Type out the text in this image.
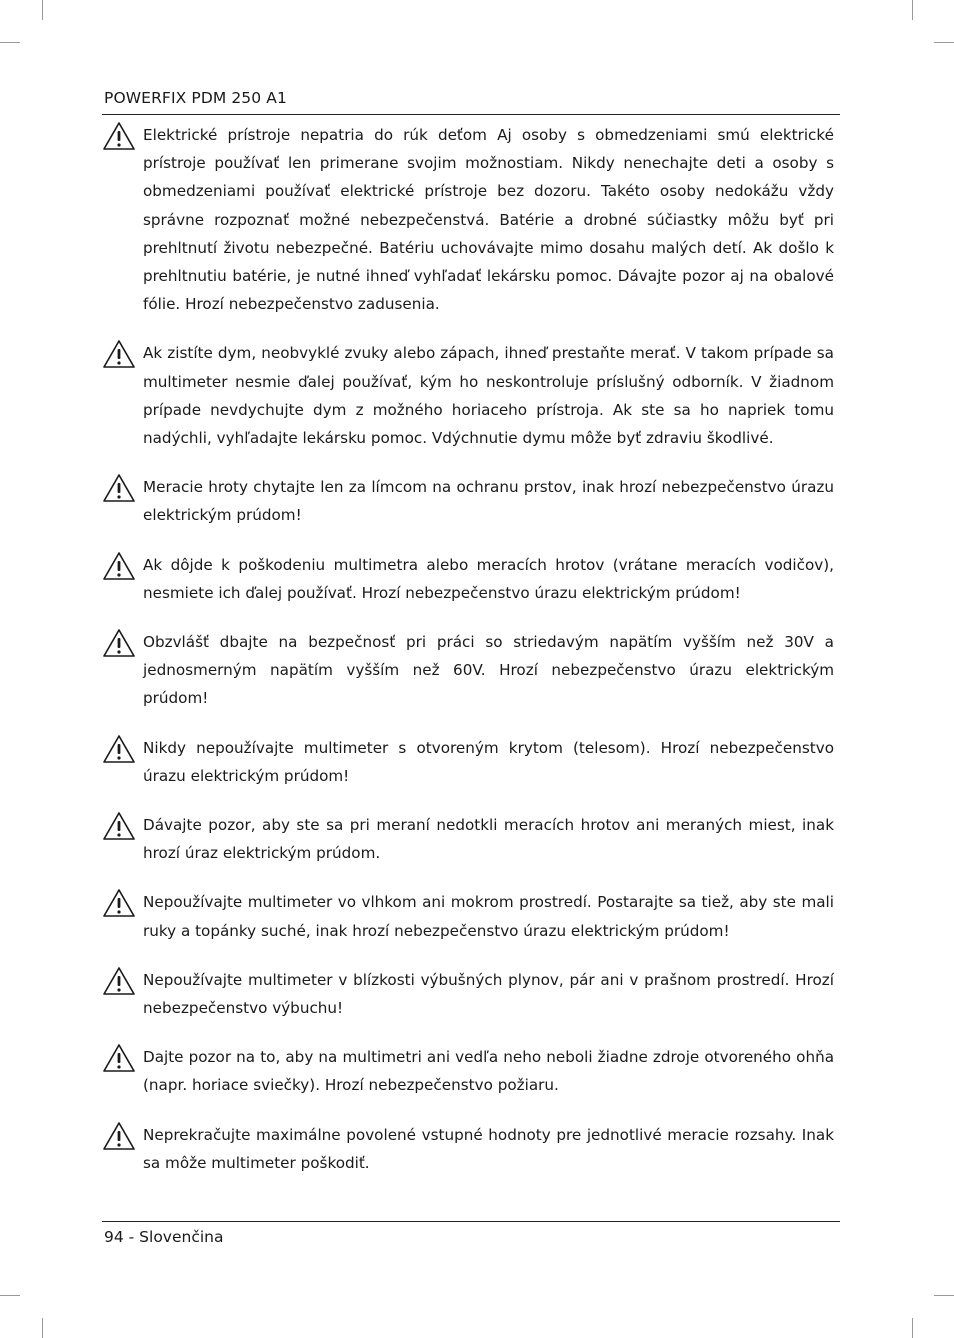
POWERFIX PDM 250 A1

Elektrické prístroje nepatria do rúk deťom Aj osoby s obmedzeniami smú elektrické prístroje používať len primerane svojim možnostiam. Nikdy nenechajte deti a osoby s obmedzeniami používať elektrické prístroje bez dozoru. Takéto osoby nedokážu vždy správne rozpoznať možné nebezpečenstvá. Batérie a drobné súčiastky môžu byť pri prehltnutí životu nebezpečné. Batériu uchovávajte mimo dosahu malých detí. Ak došlo k prehltnutiu batérie, je nutné ihneď vyhľadať lekársku pomoc. Dávajte pozor aj na obalové fólie. Hrozí nebezpečenstvo zadusenia.

Ak zistíte dym, neobvyklé zvuky alebo zápach, ihneď prestaňte merať. V takom prípade sa multimeter nesmie ďalej používať, kým ho neskontroluje príslušný odborník. V žiadnom prípade nevdychujte dym z možného horiaceho prístroja. Ak ste sa ho napriek tomu nadýchli, vyhľadajte lekársku pomoc. Vdýchnutie dymu môže byť zdraviu škodlivé.

Meracie hroty chytajte len za límcom na ochranu prstov, inak hrozí nebezpečenstvo úrazu elektrickým prúdom!

Ak dôjde k poškodeniu multimetra alebo meracích hrotov (vrátane meracích vodičov), nesmiete ich ďalej používať. Hrozí nebezpečenstvo úrazu elektrickým prúdom!

Obzvlášť dbajte na bezpečnosť pri práci so striedavým napätím vyšším než 30V a jednosmerným napätím vyšším než 60V. Hrozí nebezpečenstvo úrazu elektrickým prúdom!

Nikdy nepoužívajte multimeter s otvoreným krytom (telesom). Hrozí nebezpečenstvo úrazu elektrickým prúdom!

Dávajte pozor, aby ste sa pri meraní nedotkli meracích hrotov ani meraných miest, inak hrozí úraz elektrickým prúdom.

Nepoužívajte multimeter vo vlhkom ani mokrom prostredí. Postarajte sa tiež, aby ste mali ruky a topánky suché, inak hrozí nebezpečenstvo úrazu elektrickým prúdom!

Nepoužívajte multimeter v blízkosti výbušných plynov, pár ani v prašnom prostredí. Hrozí nebezpečenstvo výbuchu!

Dajte pozor na to, aby na multimetri ani vedľa neho neboli žiadne zdroje otvoreného ohňa (napr. horiace sviečky). Hrozí nebezpečenstvo požiaru.

Neprekračujte maximálne povolené vstupné hodnoty pre jednotlivé meracie rozsahy. Inak sa môže multimeter poškodiť.

94 - Slovenčina
